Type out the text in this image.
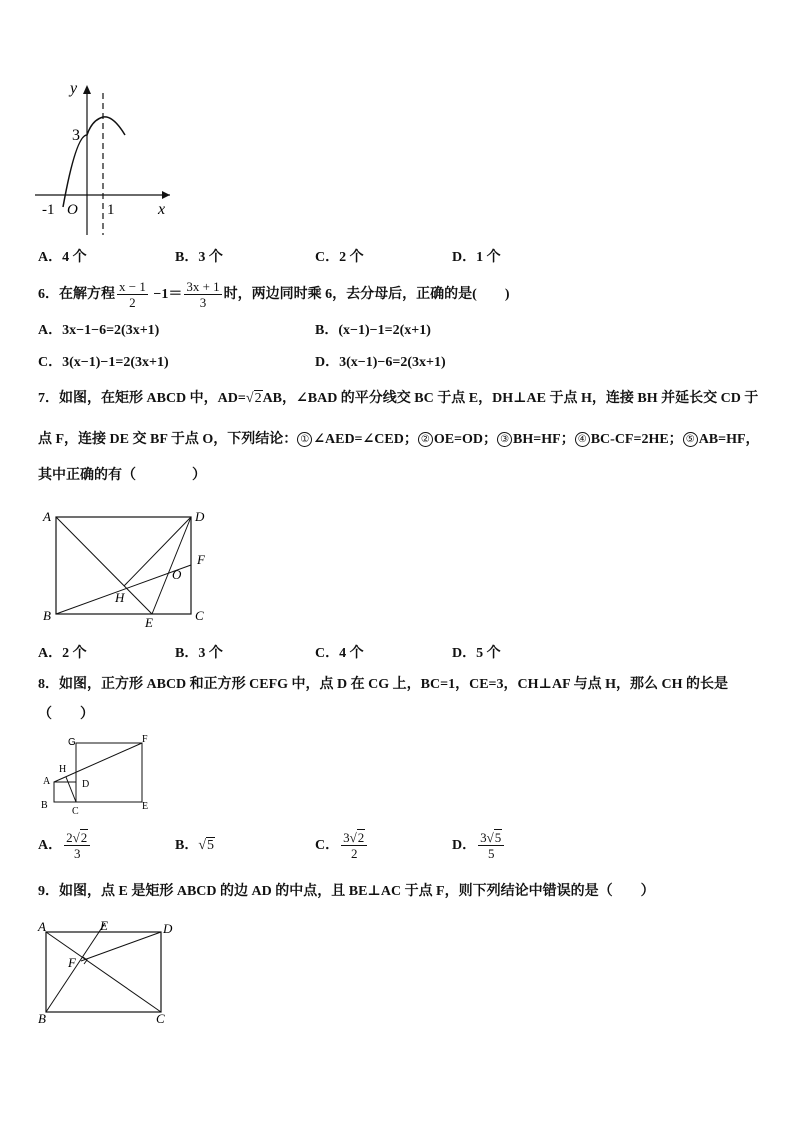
y
3
-1 O 1	x
A．4 个	B．3 个	C．2 个	D．1 个
6．在解方程 $\frac{x - 1}{2} -1= \frac{3x + 1}{3}$ 时，两边同时乘 6，去分母后，正确的是(　　)
A．3x−1−6=2(3x+1)	B．(x−1)−1=2(x+1)
C．3(x−1)−1=2(3x+1)	D．3(x−1)−6=2(3x+1)
7．如图，在矩形 ABCD 中，AD=√2AB，∠BAD 的平分线交 BC 于点 E，DH⊥AE 于点 H，连接 BH 并延长交 CD 于
点 F，连接 DE 交 BF 于点 O，下列结论： ① ∠AED=∠CED； ② OE=OD； ③ BH=HF； ④ BC-CF=2HE； ⑤ AB=HF，
其中正确的有（　　　　）
A	D
F
O
H
B	E	C
A．2 个	B．3 个	C．4 个	D．5 个
8．如图，正方形 ABCD 和正方形 CEFG 中，点 D 在 CG 上，BC=1，CE=3，CH⊥AF 与点 H，那么 CH 的长是
（　　）
G	F
H
A	D
B
C	E
A． $\frac{2√2}{3}$	B．√5	C． $\frac{3√2}{2}$	D． $\frac{3√5}{5}$
9．如图，点 E 是矩形 ABCD 的边 AD 的中点，且 BE⊥AC 于点 F，则下列结论中错误的是（　　）
A	E	D
F
B	C
